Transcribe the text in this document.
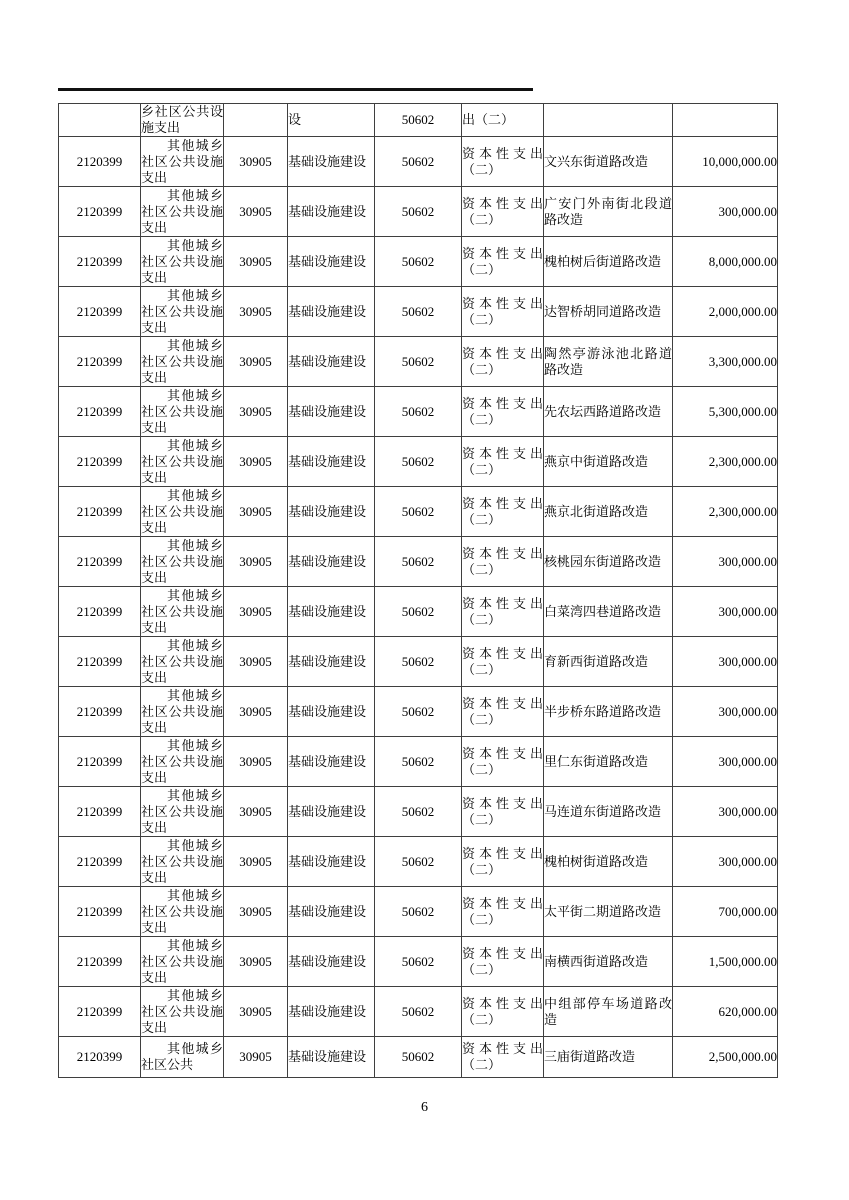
	乡社区公共设施支出		设	50602	出（二）		
2120399	其他城乡社区公共设施支出	30905	基础设施建设	50602	资本性支出（二）	文兴东街道路改造	10,000,000.00
2120399	其他城乡社区公共设施支出	30905	基础设施建设	50602	资本性支出（二）	广安门外南街北段道路改造	300,000.00
2120399	其他城乡社区公共设施支出	30905	基础设施建设	50602	资本性支出（二）	槐柏树后街道路改造	8,000,000.00
2120399	其他城乡社区公共设施支出	30905	基础设施建设	50602	资本性支出（二）	达智桥胡同道路改造	2,000,000.00
2120399	其他城乡社区公共设施支出	30905	基础设施建设	50602	资本性支出（二）	陶然亭游泳池北路道路改造	3,300,000.00
2120399	其他城乡社区公共设施支出	30905	基础设施建设	50602	资本性支出（二）	先农坛西路道路改造	5,300,000.00
2120399	其他城乡社区公共设施支出	30905	基础设施建设	50602	资本性支出（二）	燕京中街道路改造	2,300,000.00
2120399	其他城乡社区公共设施支出	30905	基础设施建设	50602	资本性支出（二）	燕京北街道路改造	2,300,000.00
2120399	其他城乡社区公共设施支出	30905	基础设施建设	50602	资本性支出（二）	核桃园东街道路改造	300,000.00
2120399	其他城乡社区公共设施支出	30905	基础设施建设	50602	资本性支出（二）	白菜湾四巷道路改造	300,000.00
2120399	其他城乡社区公共设施支出	30905	基础设施建设	50602	资本性支出（二）	育新西街道路改造	300,000.00
2120399	其他城乡社区公共设施支出	30905	基础设施建设	50602	资本性支出（二）	半步桥东路道路改造	300,000.00
2120399	其他城乡社区公共设施支出	30905	基础设施建设	50602	资本性支出（二）	里仁东街道路改造	300,000.00
2120399	其他城乡社区公共设施支出	30905	基础设施建设	50602	资本性支出（二）	马连道东街道路改造	300,000.00
2120399	其他城乡社区公共设施支出	30905	基础设施建设	50602	资本性支出（二）	槐柏树街道路改造	300,000.00
2120399	其他城乡社区公共设施支出	30905	基础设施建设	50602	资本性支出（二）	太平街二期道路改造	700,000.00
2120399	其他城乡社区公共设施支出	30905	基础设施建设	50602	资本性支出（二）	南横西街道路改造	1,500,000.00
2120399	其他城乡社区公共设施支出	30905	基础设施建设	50602	资本性支出（二）	中组部停车场道路改造	620,000.00
2120399	其他城乡社区公共	30905	基础设施建设	50602	资本性支出（二）	三庙街道路改造	2,500,000.00
6
